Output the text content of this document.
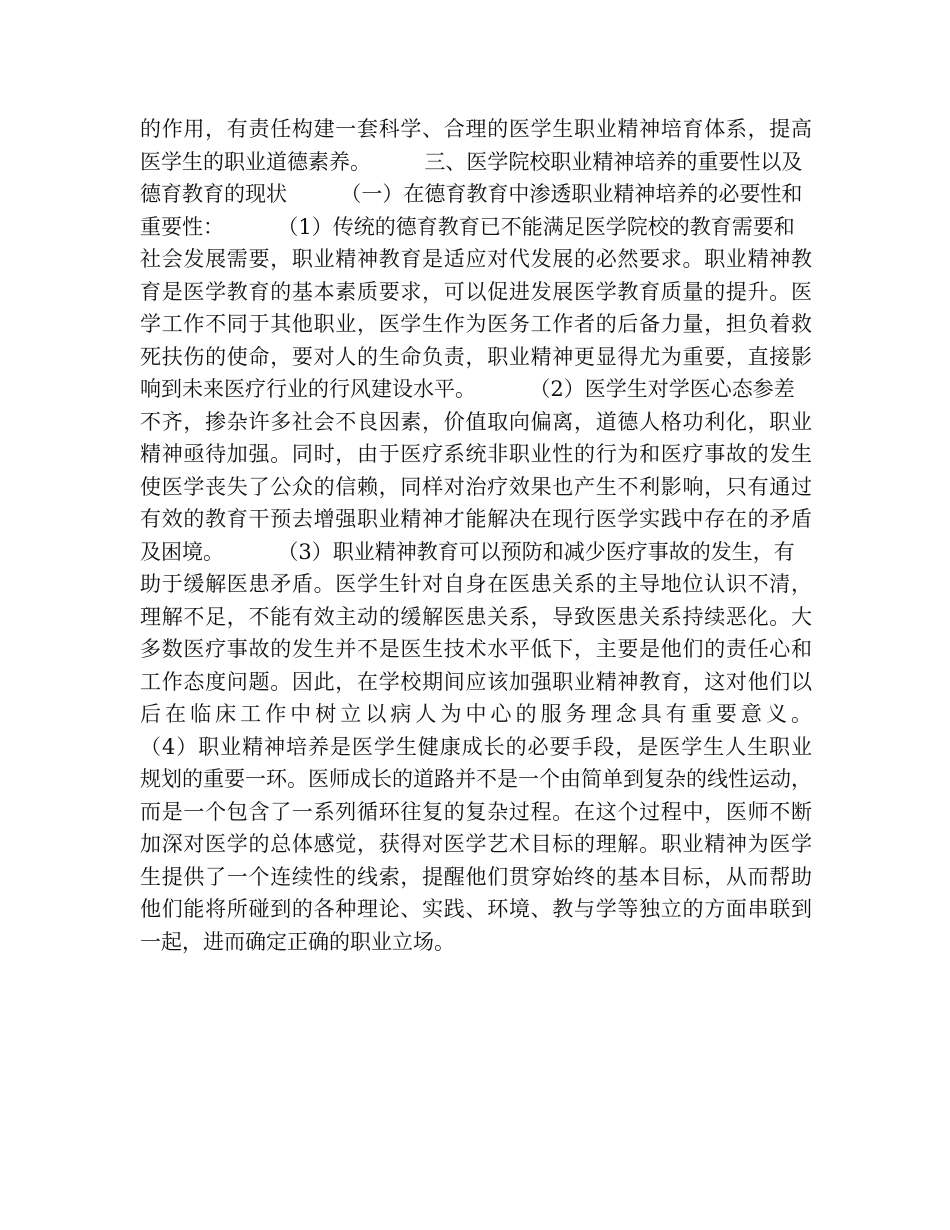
的作用，有责任构建一套科学、合理的医学生职业精神培育体系，提高
医学生的职业道德素养。        三、医学院校职业精神培养的重要性以及
德育教育的现状        （一）在德育教育中渗透职业精神培养的必要性和
重要性：        （1）传统的德育教育已不能满足医学院校的教育需要和
社会发展需要，职业精神教育是适应对代发展的必然要求。职业精神教
育是医学教育的基本素质要求，可以促进发展医学教育质量的提升。医
学工作不同于其他职业，医学生作为医务工作者的后备力量，担负着救
死扶伤的使命，要对人的生命负责，职业精神更显得尤为重要，直接影
响到未来医疗行业的行风建设水平。        （2）医学生对学医心态参差
不齐，掺杂许多社会不良因素，价值取向偏离，道德人格功利化，职业
精神亟待加强。同时，由于医疗系统非职业性的行为和医疗事故的发生
使医学丧失了公众的信赖，同样对治疗效果也产生不利影响，只有通过
有效的教育干预去增强职业精神才能解决在现行医学实践中存在的矛盾
及困境。        （3）职业精神教育可以预防和减少医疗事故的发生，有
助于缓解医患矛盾。医学生针对自身在医患关系的主导地位认识不清，
理解不足，不能有效主动的缓解医患关系，导致医患关系持续恶化。大
多数医疗事故的发生并不是医生技术水平低下，主要是他们的责任心和
工作态度问题。因此，在学校期间应该加强职业精神教育，这对他们以
后在临床工作中树立以病人为中心的服务理念具有重要意义。
（4）职业精神培养是医学生健康成长的必要手段，是医学生人生职业
规划的重要一环。医师成长的道路并不是一个由简单到复杂的线性运动，
而是一个包含了一系列循环往复的复杂过程。在这个过程中，医师不断
加深对医学的总体感觉，获得对医学艺术目标的理解。职业精神为医学
生提供了一个连续性的线索，提醒他们贯穿始终的基本目标，从而帮助
他们能将所碰到的各种理论、实践、环境、教与学等独立的方面串联到
一起，进而确定正确的职业立场。
